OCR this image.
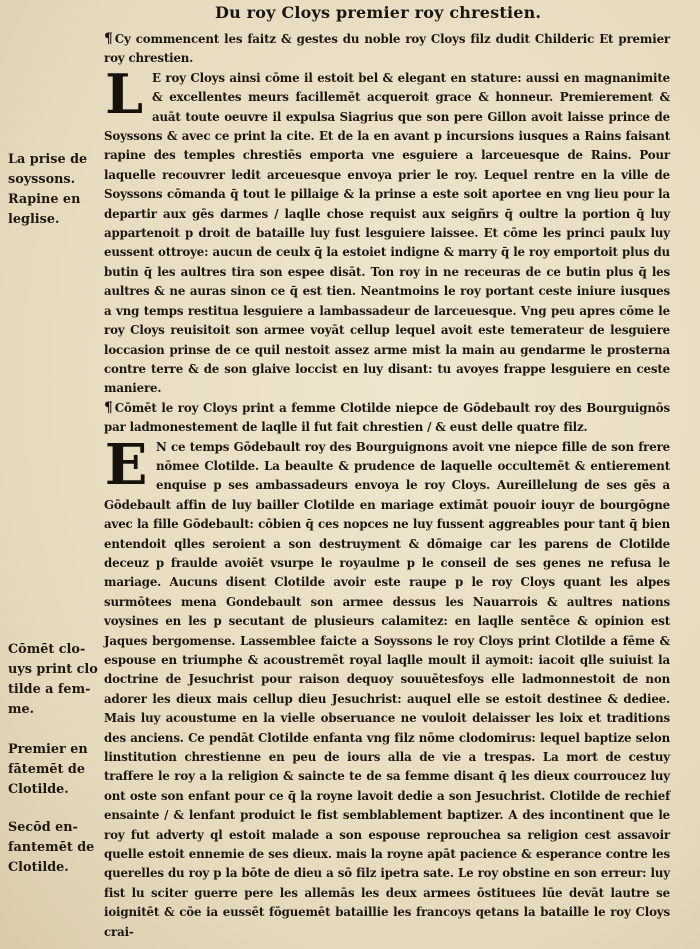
Du roy Cloys premier roy chrestien.
La prise de
soyssons.
Rapine en
leglise.
Cōmēt clo-
uys print clo
tilde a fem-
me.
Premier en
fātemēt de
Clotilde.
Secōd en-
fantemēt de
Clotilde.

¶ Cy commencent les faitz & gestes du noble roy Cloys filz dudit Childeric Et premier roy chrestien.

L E roy Cloys ainsi cōme il estoit bel & elegant en stature: aussi en magnanimite & excellentes meurs facillemēt acqueroit grace & honneur. Premierement & auāt toute oeuvre il expulsa Siagrius que son pere Gillon avoit laisse prince de Soyssons & avec ce print la cite. Et de la en avant p incursions iusques a Rains faisant rapine des temples chrestiēs emporta vne esguiere a larceuesque de Rains. Pour laquelle recouvrer ledit arceuesque envoya prier le roy. Lequel rentre en la ville de Soyssons cōmanda q̄ tout le pillaige & la prinse a este soit aportee en vng lieu pour la departir aux gēs darmes / laqlle chose requist aux seigñrs q̄ oultre la portion q̄ luy appartenoit p droit de bataille luy fust lesguiere laissee. Et cōme les princi paulx luy eussent ottroye: aucun de ceulx q̄ la estoiet indigne & marry q̄ le roy emportoit plus du butin q̄ les aultres tira son espee disāt. Ton roy in ne receuras de ce butin plus q̄ les aultres & ne auras sinon ce q̄ est tien. Neantmoins le roy portant ceste iniure iusques a vng temps restitua lesguiere a lambassadeur de larceuesque. Vng peu apres cōme le roy Cloys reuisitoit son armee voyāt cellup lequel avoit este temerateur de lesguiere loccasion prinse de ce quil nestoit assez arme mist la main au gendarme le prosterna contre terre & de son glaive loccist en luy disant: tu avoyes frappe lesguiere en ceste maniere.

¶ Cōmēt le roy Cloys print a femme Clotilde niepce de Gōdebault roy des Bourguignōs par ladmonestement de laqlle il fut fait chrestien / & eust delle quatre filz.

E N ce temps Gōdebault roy des Bourguignons avoit vne niepce fille de son frere nōmee Clotilde. La beaulte & prudence de laquelle occultemēt & entierement enquise p ses ambassadeurs envoya le roy Cloys. Aureillelung de ses gēs a Gōdebault affin de luy bailler Clotilde en mariage extimāt pouoir iouyr de bourgōgne avec la fille Gōdebault: cōbien q̄ ces nopces ne luy fussent aggreables pour tant q̄ bien entendoit qlles seroient a son destruyment & dōmaige car les parens de Clotilde deceuz p fraulde avoiēt vsurpe le royaulme p le conseil de ses genes ne refusa le mariage. Aucuns disent Clotilde avoir este raupe p le roy Cloys quant les alpes surmōtees mena Gondebault son armee dessus les Nauarrois & aultres nations voysines en les p secutant de plusieurs calamitez: en laqlle sentēce & opinion est Jaques bergomense. Lassemblee faicte a Soyssons le roy Cloys print Clotilde a fēme & espouse en triumphe & acoustremēt royal laqlle moult il aymoit: iacoit qlle suiuist la doctrine de Jesuchrist pour raison dequoy souuētesfoys elle ladmonnestoit de non adorer les dieux mais cellup dieu Jesuchrist: auquel elle se estoit destinee & dediee. Mais luy acoustume en la vielle obseruance ne vouloit delaisser les loix et traditions des anciens. Ce pendāt Clotilde enfanta vng filz nōme clodomirus: lequel baptize selon linstitution chrestienne en peu de iours alla de vie a trespas. La mort de cestuy traffere le roy a la religion & saincte te de sa femme disant q̄ les dieux courroucez luy ont oste son enfant pour ce q̄ la royne lavoit dedie a son Jesuchrist. Clotilde de rechief ensainte / & lenfant produict le fist semblablement baptizer. A des incontinent que le roy fut adverty ql estoit malade a son espouse reprouchea sa religion cest assavoir quelle estoit ennemie de ses dieux. mais la royne apāt pacience & esperance contre les querelles du roy p la bōte de dieu a sō filz ipetra sate. Le roy obstine en son erreur: luy fist lu sciter guerre pere les allemās les deux armees ōstituees lūe devāt lautre se ioignitēt & cōe ia eussēt fōguemēt bataillie les francoys qetans la bataille le roy Cloys crai-
